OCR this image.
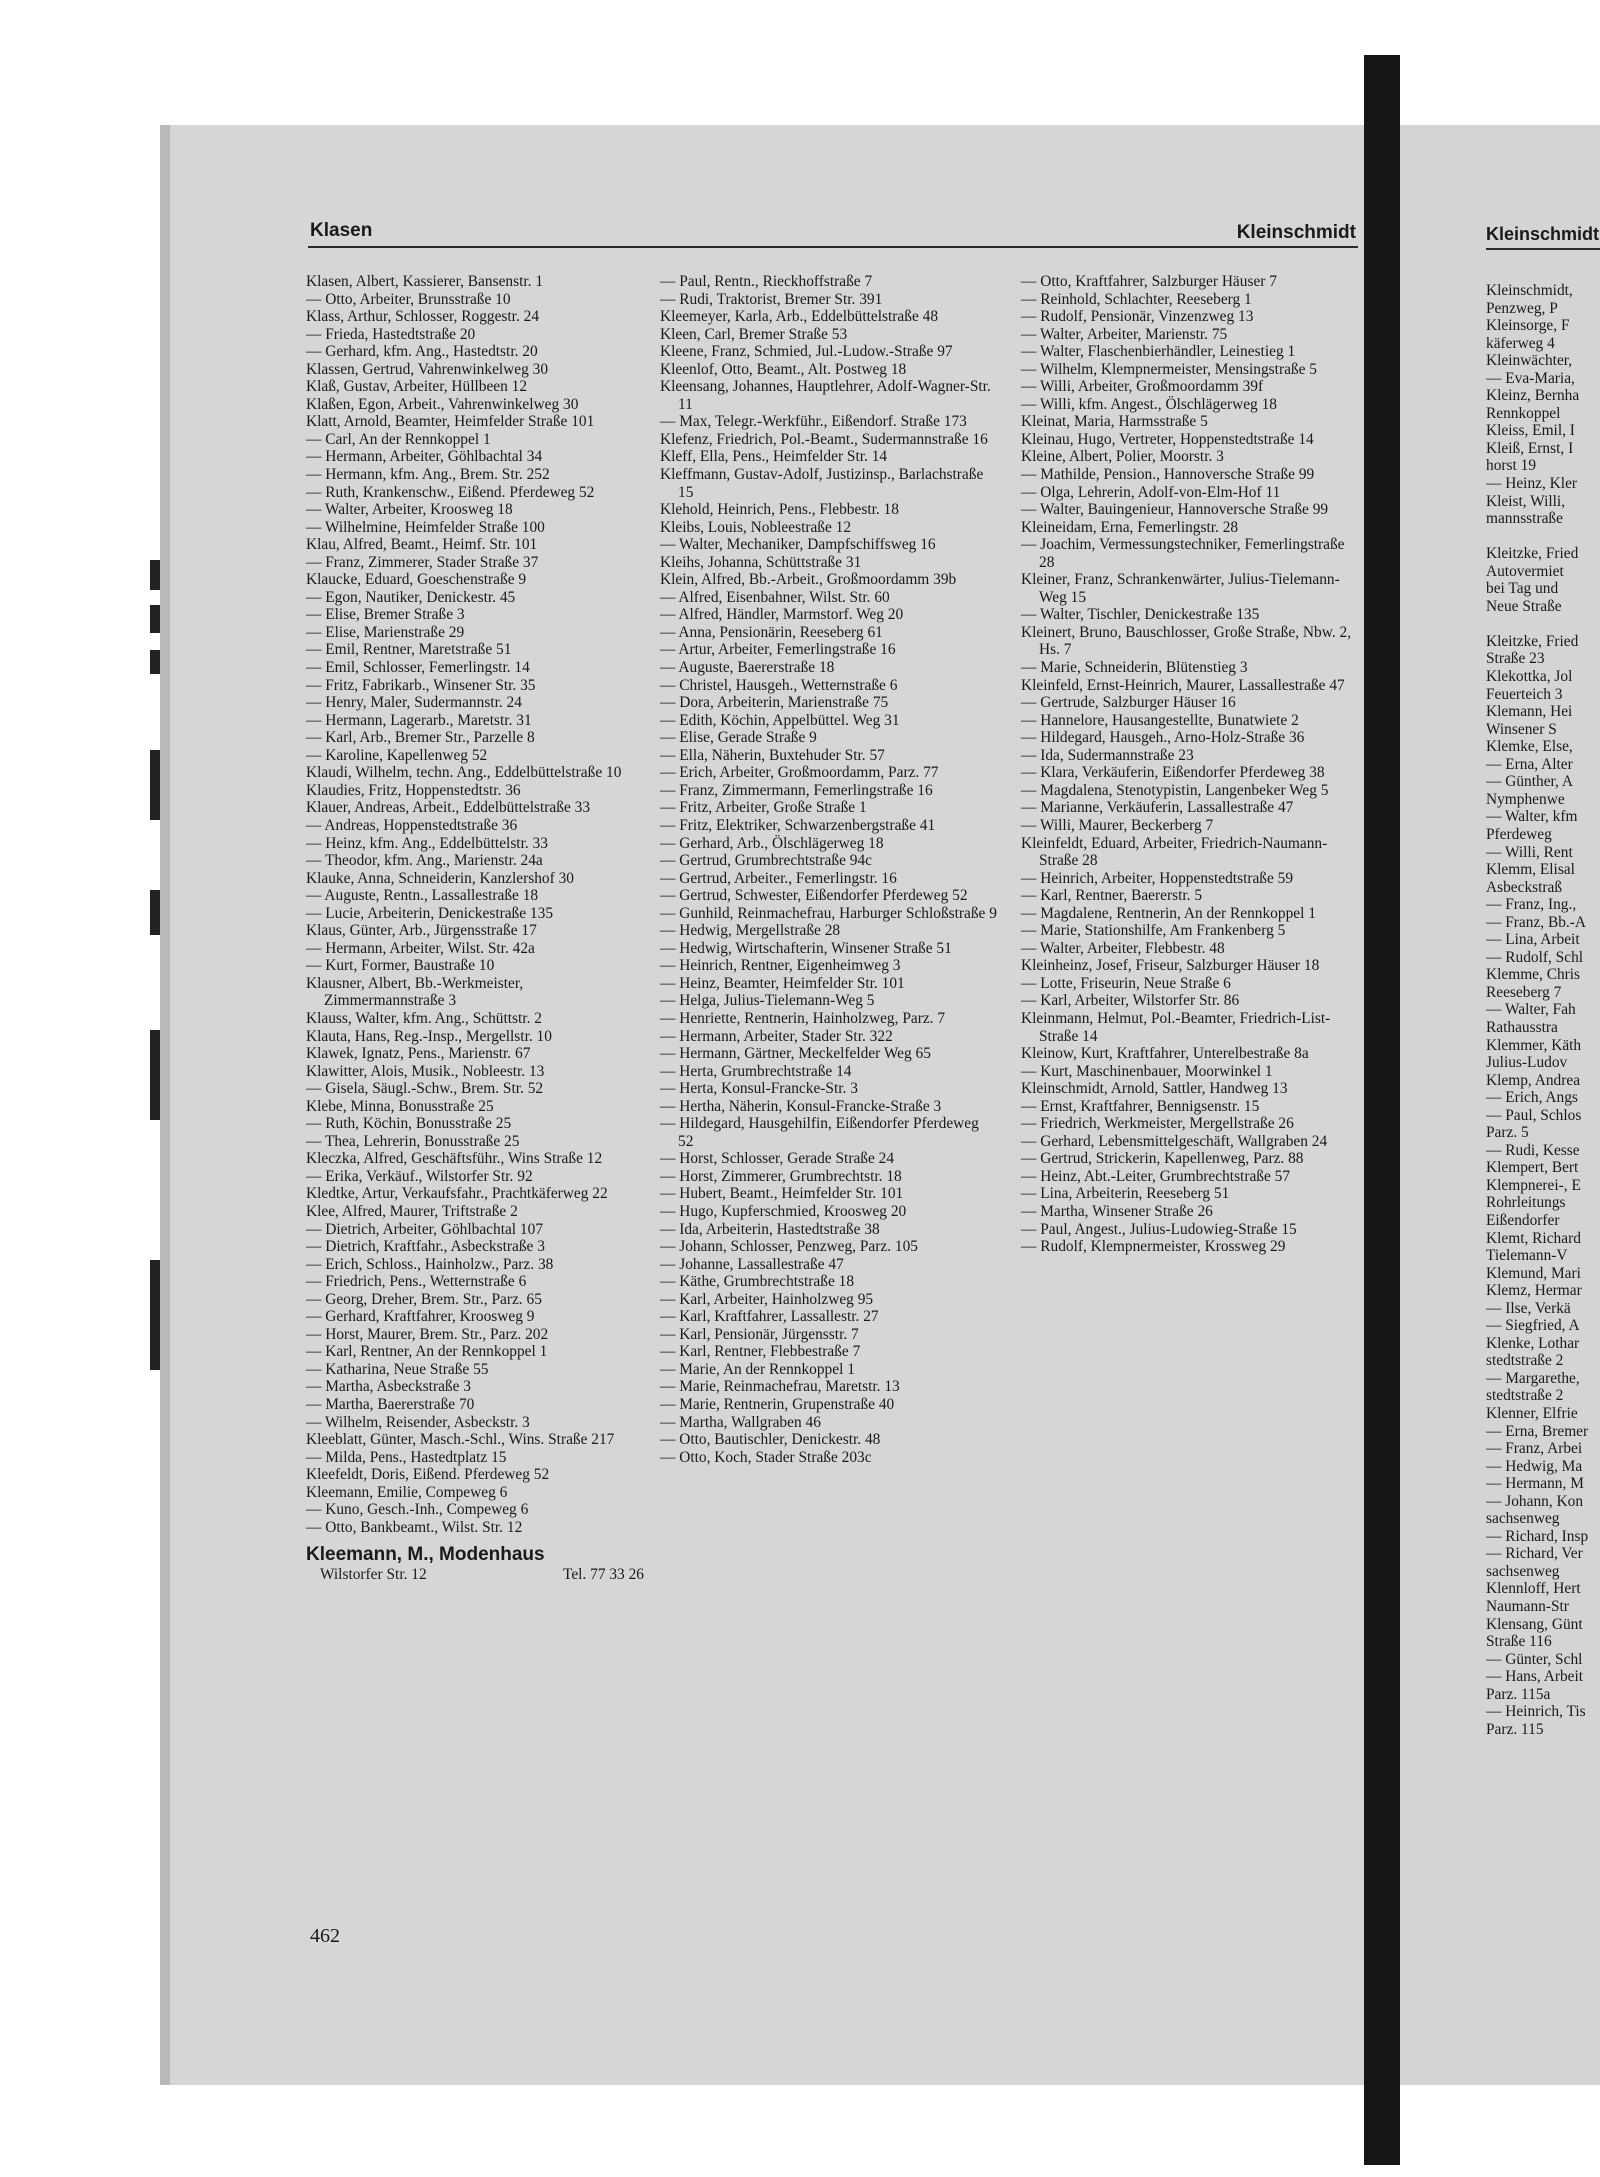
Klasen	Kleinschmidt	Kleinschmidt
Klasen, Albert, Kassierer, Bansenstr. 1
— Otto, Arbeiter, Brunsstraße 10
Klass, Arthur, Schlosser, Roggestr. 24
— Frieda, Hastedtstraße 20
— Gerhard, kfm. Ang., Hastedtstr. 20
Klassen, Gertrud, Vahrenwinkelweg 30
Klaß, Gustav, Arbeiter, Hüllbeen 12
Klaßen, Egon, Arbeit., Vahrenwinkelweg 30
Klatt, Arnold, Beamter, Heimfelder Straße 101
— Carl, An der Rennkoppel 1
— Hermann, Arbeiter, Göhlbachtal 34
— Hermann, kfm. Ang., Brem. Str. 252
— Ruth, Krankenschw., Eißend. Pferdeweg 52
— Walter, Arbeiter, Kroosweg 18
— Wilhelmine, Heimfelder Straße 100
Klau, Alfred, Beamt., Heimf. Str. 101
— Franz, Zimmerer, Stader Straße 37
Klaucke, Eduard, Goeschenstraße 9
— Egon, Nautiker, Denickestr. 45
— Elise, Bremer Straße 3
— Elise, Marienstraße 29
— Emil, Rentner, Maretstraße 51
— Emil, Schlosser, Femerlingstr. 14
— Fritz, Fabrikarb., Winsener Str. 35
— Henry, Maler, Sudermannstr. 24
— Hermann, Lagerarb., Maretstr. 31
— Karl, Arb., Bremer Str., Parzelle 8
— Karoline, Kapellenweg 52
Klaudi, Wilhelm, techn. Ang., Eddelbüttelstraße 10
Klaudies, Fritz, Hoppenstedtstr. 36
Klauer, Andreas, Arbeit., Eddelbüttelstraße 33
— Andreas, Hoppenstedtstraße 36
— Heinz, kfm. Ang., Eddelbüttelstr. 33
— Theodor, kfm. Ang., Marienstr. 24a
Klauke, Anna, Schneiderin, Kanzlershof 30
— Auguste, Rentn., Lassallestraße 18
— Lucie, Arbeiterin, Denickestraße 135
Klaus, Günter, Arb., Jürgensstraße 17
— Hermann, Arbeiter, Wilst. Str. 42a
— Kurt, Former, Baustraße 10
Klausner, Albert, Bb.-Werkmeister, Zimmermannstraße 3
Klauss, Walter, kfm. Ang., Schüttstr. 2
Klauta, Hans, Reg.-Insp., Mergellstr. 10
Klawek, Ignatz, Pens., Marienstr. 67
Klawitter, Alois, Musik., Nobleestr. 13
— Gisela, Säugl.-Schw., Brem. Str. 52
Klebe, Minna, Bonusstraße 25
— Ruth, Köchin, Bonusstraße 25
— Thea, Lehrerin, Bonusstraße 25
Kleczka, Alfred, Geschäftsführ., Wins Straße 12
— Erika, Verkäuf., Wilstorfer Str. 92
Kledtke, Artur, Verkaufsfahr., Prachtkäferweg 22
Klee, Alfred, Maurer, Triftstraße 2
— Dietrich, Arbeiter, Göhlbachtal 107
— Dietrich, Kraftfahr., Asbeckstraße 3
— Erich, Schloss., Hainholzw., Parz. 38
— Friedrich, Pens., Wetternstraße 6
— Georg, Dreher, Brem. Str., Parz. 65
— Gerhard, Kraftfahrer, Kroosweg 9
— Horst, Maurer, Brem. Str., Parz. 202
— Karl, Rentner, An der Rennkoppel 1
— Katharina, Neue Straße 55
— Martha, Asbeckstraße 3
— Martha, Baererstraße 70
— Wilhelm, Reisender, Asbeckstr. 3
Kleeblatt, Günter, Masch.-Schl., Wins. Straße 217
— Milda, Pens., Hastedtplatz 15
Kleefeldt, Doris, Eißend. Pferdeweg 52
Kleemann, Emilie, Compeweg 6
— Kuno, Gesch.-Inh., Compeweg 6
— Otto, Bankbeamt., Wilst. Str. 12
Kleemann, M., Modenhaus
Wilstorfer Str. 12	Tel. 77 33 26
— Paul, Rentn., Rieckhoffstraße 7
— Rudi, Traktorist, Bremer Str. 391
Kleemeyer, Karla, Arb., Eddelbüttelstraße 48
Kleen, Carl, Bremer Straße 53
Kleene, Franz, Schmied, Jul.-Ludow.-Straße 97
Kleenlof, Otto, Beamt., Alt. Postweg 18
Kleensang, Johannes, Hauptlehrer, Adolf-Wagner-Str. 11
— Max, Telegr.-Werkführ., Eißendorf. Straße 173
Klefenz, Friedrich, Pol.-Beamt., Sudermannstraße 16
Kleff, Ella, Pens., Heimfelder Str. 14
Kleffmann, Gustav-Adolf, Justizinsp., Barlachstraße 15
Klehold, Heinrich, Pens., Flebbestr. 18
Kleibs, Louis, Nobleestraße 12
— Walter, Mechaniker, Dampfschiffsweg 16
Kleihs, Johanna, Schüttstraße 31
Klein, Alfred, Bb.-Arbeit., Großmoordamm 39b
— Alfred, Eisenbahner, Wilst. Str. 60
— Alfred, Händler, Marmstorf. Weg 20
— Anna, Pensionärin, Reeseberg 61
— Artur, Arbeiter, Femerlingstraße 16
— Auguste, Baererstraße 18
— Christel, Hausgeh., Wetternstraße 6
— Dora, Arbeiterin, Marienstraße 75
— Edith, Köchin, Appelbüttel. Weg 31
— Elise, Gerade Straße 9
— Ella, Näherin, Buxtehuder Str. 57
— Erich, Arbeiter, Großmoordamm, Parz. 77
— Franz, Zimmermann, Femerlingstraße 16
— Fritz, Arbeiter, Große Straße 1
— Fritz, Elektriker, Schwarzenbergstraße 41
— Gerhard, Arb., Ölschlägerweg 18
— Gertrud, Grumbrechtstraße 94c
— Gertrud, Arbeiter., Femerlingstr. 16
— Gertrud, Schwester, Eißendorfer Pferdeweg 52
— Gunhild, Reinmachefrau, Harburger Schloßstraße 9
— Hedwig, Mergellstraße 28
— Hedwig, Wirtschafterin, Winsener Straße 51
— Heinrich, Rentner, Eigenheimweg 3
— Heinz, Beamter, Heimfelder Str. 101
— Helga, Julius-Tielemann-Weg 5
— Henriette, Rentnerin, Hainholzweg, Parz. 7
— Hermann, Arbeiter, Stader Str. 322
— Hermann, Gärtner, Meckelfelder Weg 65
— Herta, Grumbrechtstraße 14
— Herta, Konsul-Francke-Str. 3
— Hertha, Näherin, Konsul-Francke-Straße 3
— Hildegard, Hausgehilfin, Eißendorfer Pferdeweg 52
— Horst, Schlosser, Gerade Straße 24
— Horst, Zimmerer, Grumbrechtstr. 18
— Hubert, Beamt., Heimfelder Str. 101
— Hugo, Kupferschmied, Kroosweg 20
— Ida, Arbeiterin, Hastedtstraße 38
— Johann, Schlosser, Penzweg, Parz. 105
— Johanne, Lassallestraße 47
— Käthe, Grumbrechtstraße 18
— Karl, Arbeiter, Hainholzweg 95
— Karl, Kraftfahrer, Lassallestr. 27
— Karl, Pensionär, Jürgensstr. 7
— Karl, Rentner, Flebbestraße 7
— Marie, An der Rennkoppel 1
— Marie, Reinmachefrau, Maretstr. 13
— Marie, Rentnerin, Grupenstraße 40
— Martha, Wallgraben 46
— Otto, Bautischler, Denickestr. 48
— Otto, Koch, Stader Straße 203c
— Otto, Kraftfahrer, Salzburger Häuser 7
— Reinhold, Schlachter, Reeseberg 1
— Rudolf, Pensionär, Vinzenzweg 13
— Walter, Arbeiter, Marienstr. 75
— Walter, Flaschenbierhändler, Leinestieg 1
— Wilhelm, Klempnermeister, Mensingstraße 5
— Willi, Arbeiter, Großmoordamm 39f
— Willi, kfm. Angest., Ölschlägerweg 18
Kleinat, Maria, Harmsstraße 5
Kleinau, Hugo, Vertreter, Hoppenstedtstraße 14
Kleine, Albert, Polier, Moorstr. 3
— Mathilde, Pension., Hannoversche Straße 99
— Olga, Lehrerin, Adolf-von-Elm-Hof 11
— Walter, Bauingenieur, Hannoversche Straße 99
Kleineidam, Erna, Femerlingstr. 28
— Joachim, Vermessungstechniker, Femerlingstraße 28
Kleiner, Franz, Schrankenwärter, Julius-Tielemann-Weg 15
— Walter, Tischler, Denickestraße 135
Kleinert, Bruno, Bauschlosser, Große Straße, Nbw. 2, Hs. 7
— Marie, Schneiderin, Blütenstieg 3
Kleinfeld, Ernst-Heinrich, Maurer, Lassallestraße 47
— Gertrude, Salzburger Häuser 16
— Hannelore, Hausangestellte, Bunatwiete 2
— Hildegard, Hausgeh., Arno-Holz-Straße 36
— Ida, Sudermannstraße 23
— Klara, Verkäuferin, Eißendorfer Pferdeweg 38
— Magdalena, Stenotypistin, Langenbeker Weg 5
— Marianne, Verkäuferin, Lassallestraße 47
— Willi, Maurer, Beckerberg 7
Kleinfeldt, Eduard, Arbeiter, Friedrich-Naumann-Straße 28
— Heinrich, Arbeiter, Hoppenstedtstraße 59
— Karl, Rentner, Baererstr. 5
— Magdalene, Rentnerin, An der Rennkoppel 1
— Marie, Stationshilfe, Am Frankenberg 5
— Walter, Arbeiter, Flebbestr. 48
Kleinheinz, Josef, Friseur, Salzburger Häuser 18
— Lotte, Friseurin, Neue Straße 6
— Karl, Arbeiter, Wilstorfer Str. 86
Kleinmann, Helmut, Pol.-Beamter, Friedrich-List-Straße 14
Kleinow, Kurt, Kraftfahrer, Unterelbestraße 8a
— Kurt, Maschinenbauer, Moorwinkel 1
Kleinschmidt, Arnold, Sattler, Handweg 13
— Ernst, Kraftfahrer, Bennigsenstr. 15
— Friedrich, Werkmeister, Mergellstraße 26
— Gerhard, Lebensmittelgeschäft, Wallgraben 24
— Gertrud, Strickerin, Kapellenweg, Parz. 88
— Heinz, Abt.-Leiter, Grumbrechtstraße 57
— Lina, Arbeiterin, Reeseberg 51
— Martha, Winsener Straße 26
— Paul, Angest., Julius-Ludowieg-Straße 15
— Rudolf, Klempnermeister, Krossweg 29
Kleinschmidt,
Penzweg, P
Kleinsorge, F
käferweg 4
Kleinwächter,
— Eva-Maria,
Kleinz, Bernha
Rennkoppel
Kleiss, Emil, I
Kleiß, Ernst, I
horst 19
— Heinz, Kler
Kleist, Willi,
mannsstraße
Kleitzke, Fried
Autovermiet
bei Tag und
Neue Straße
Kleitzke, Fried
Straße 23
Klekottka, Jol
Feuerteich 3
Klemann, Hei
Winsener S
Klemke, Else,
— Erna, Alter
— Günther, A
Nymphenwe
— Walter, kfm
Pferdeweg
— Willi, Rent
Klemm, Elisal
Asbeckstraß
— Franz, Ing.,
— Franz, Bb.-A
— Lina, Arbeit
— Rudolf, Schl
Klemme, Chris
Reeseberg 7
— Walter, Fah
Rathausstra
Klemmer, Käth
Julius-Ludov
Klemp, Andrea
— Erich, Angs
— Paul, Schlos
Parz. 5
— Rudi, Kesse
Klempert, Bert
Klempnerei-, E
Rohrleitungs
Eißendorfer
Klemt, Richard
Tielemann-V
Klemund, Mari
Klemz, Hermar
— Ilse, Verkä
— Siegfried, A
Klenke, Lothar
stedtstraße 2
— Margarethe,
stedtstraße 2
Klenner, Elfrie
— Erna, Bremer
— Franz, Arbei
— Hedwig, Ma
— Hermann, M
— Johann, Kon
sachsenweg
— Richard, Insp
— Richard, Ver
sachsenweg
Klennloff, Hert
Naumann-Str
Klensang, Günt
Straße 116
— Günter, Schl
— Hans, Arbeit
Parz. 115a
— Heinrich, Tis
Parz. 115
462
